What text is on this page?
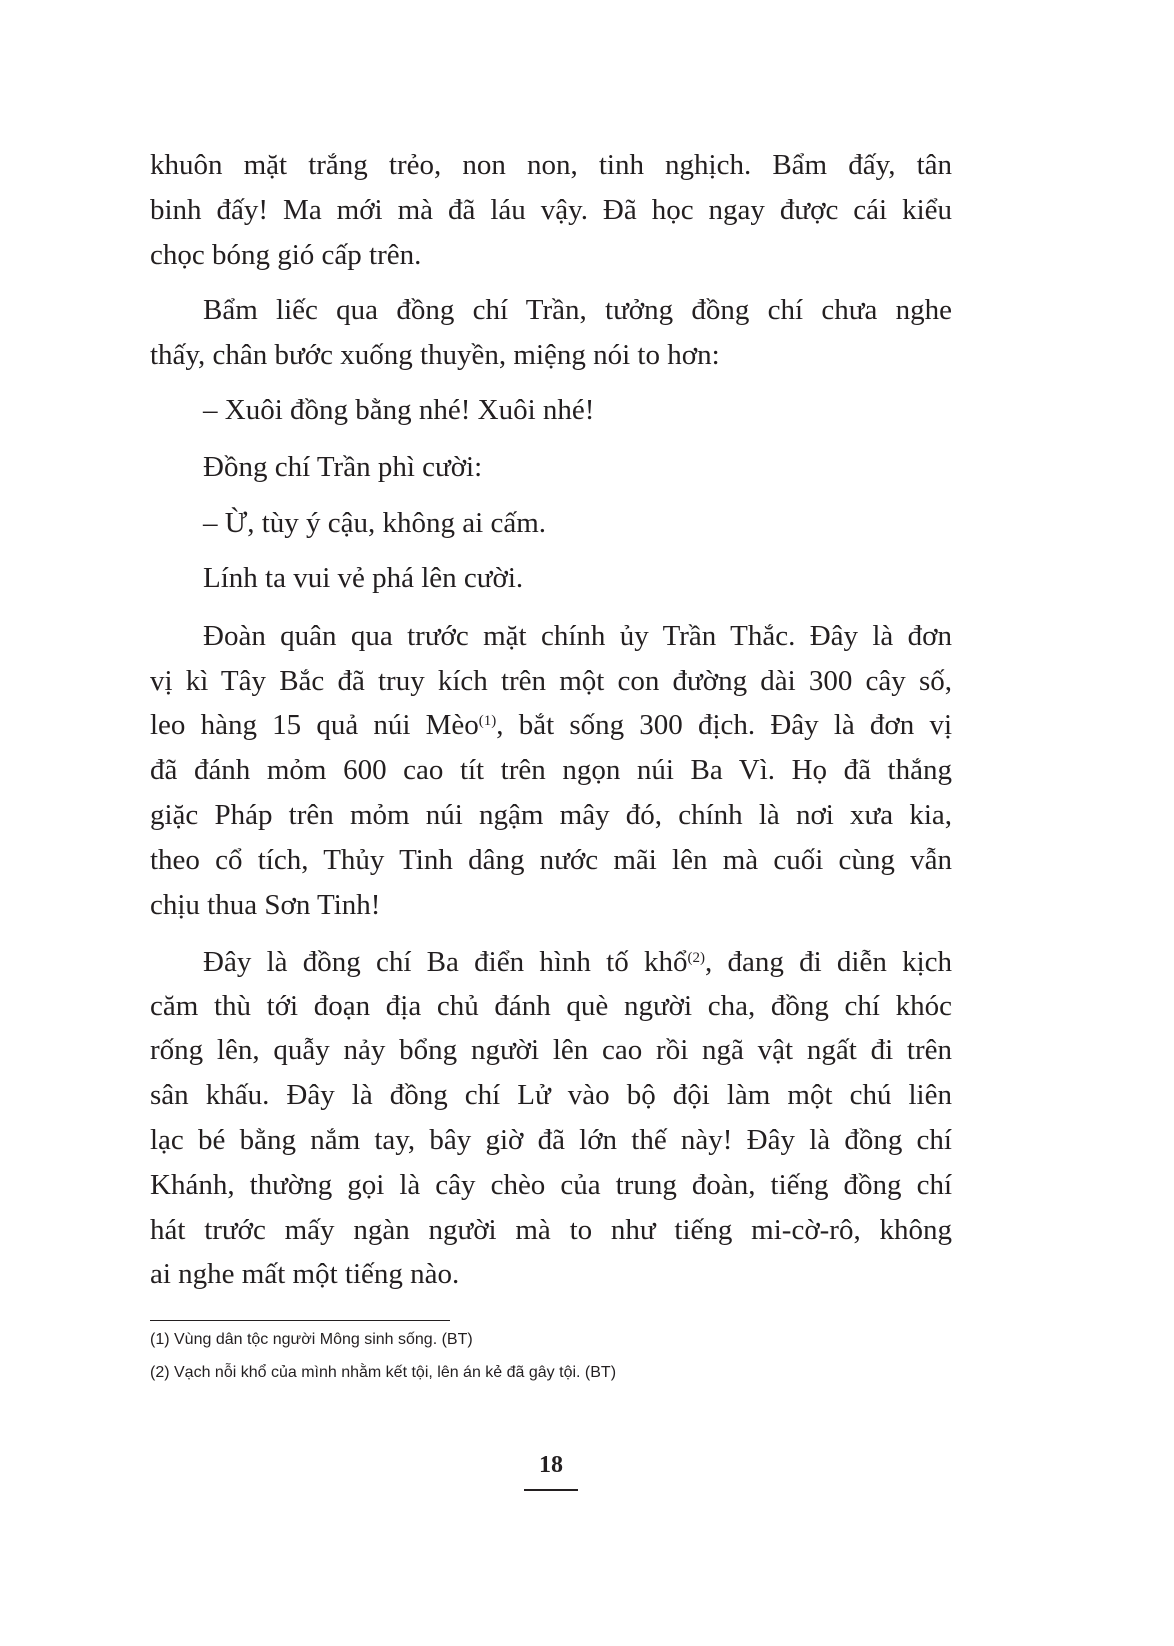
khuôn mặt trắng trẻo, non non, tinh nghịch. Bẩm đấy, tân
binh đấy! Ma mới mà đã láu vậy. Đã học ngay được cái kiểu
chọc bóng gió cấp trên.
Bẩm liếc qua đồng chí Trần, tưởng đồng chí chưa nghe
thấy, chân bước xuống thuyền, miệng nói to hơn:
– Xuôi đồng bằng nhé! Xuôi nhé!
Đồng chí Trần phì cười:
– Ừ, tùy ý cậu, không ai cấm.
Lính ta vui vẻ phá lên cười.
Đoàn quân qua trước mặt chính ủy Trần Thắc. Đây là đơn
vị kì Tây Bắc đã truy kích trên một con đường dài 300 cây số,
leo hàng 15 quả núi Mèo$^{(1)}$, bắt sống 300 địch. Đây là đơn vị
đã đánh mỏm 600 cao tít trên ngọn núi Ba Vì. Họ đã thắng
giặc Pháp trên mỏm núi ngậm mây đó, chính là nơi xưa kia,
theo cổ tích, Thủy Tinh dâng nước mãi lên mà cuối cùng vẫn
chịu thua Sơn Tinh!
Đây là đồng chí Ba điển hình tố khổ$^{(2)}$, đang đi diễn kịch
căm thù tới đoạn địa chủ đánh què người cha, đồng chí khóc
rống lên, quẫy nảy bổng người lên cao rồi ngã vật ngất đi trên
sân khấu. Đây là đồng chí Lử vào bộ đội làm một chú liên
lạc bé bằng nắm tay, bây giờ đã lớn thế này! Đây là đồng chí
Khánh, thường gọi là cây chèo của trung đoàn, tiếng đồng chí
hát trước mấy ngàn người mà to như tiếng mi-cờ-rô, không
ai nghe mất một tiếng nào.
(1) Vùng dân tộc người Mông sinh sống. (BT)
(2) Vạch nỗi khổ của mình nhằm kết tội, lên án kẻ đã gây tội. (BT)
18
